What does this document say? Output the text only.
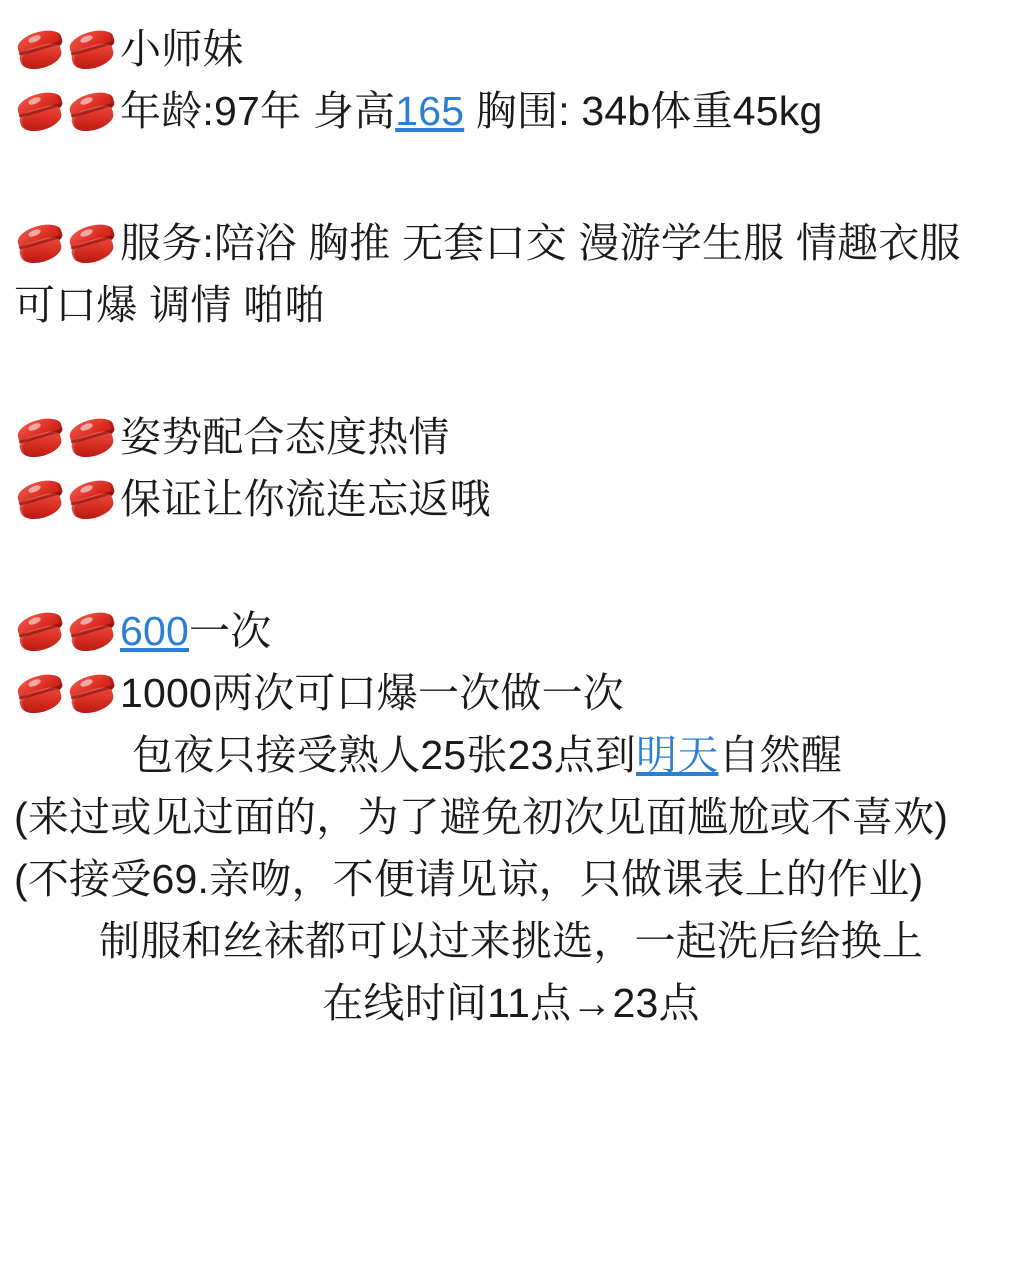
小师妹
年龄:97年 身高165 胸围: 34b体重45kg
服务:陪浴 胸推 无套口交 漫游学生服 情趣衣服
可口爆 调情 啪啪
姿势配合态度热情
保证让你流连忘返哦
600一次
1000两次可口爆一次做一次
包夜只接受熟人25张23点到明天自然醒
(来过或见过面的，为了避免初次见面尴尬或不喜欢)
(不接受69.亲吻，不便请见谅，只做课表上的作业)
制服和丝袜都可以过来挑选，一起洗后给换上
在线时间11点→23点
